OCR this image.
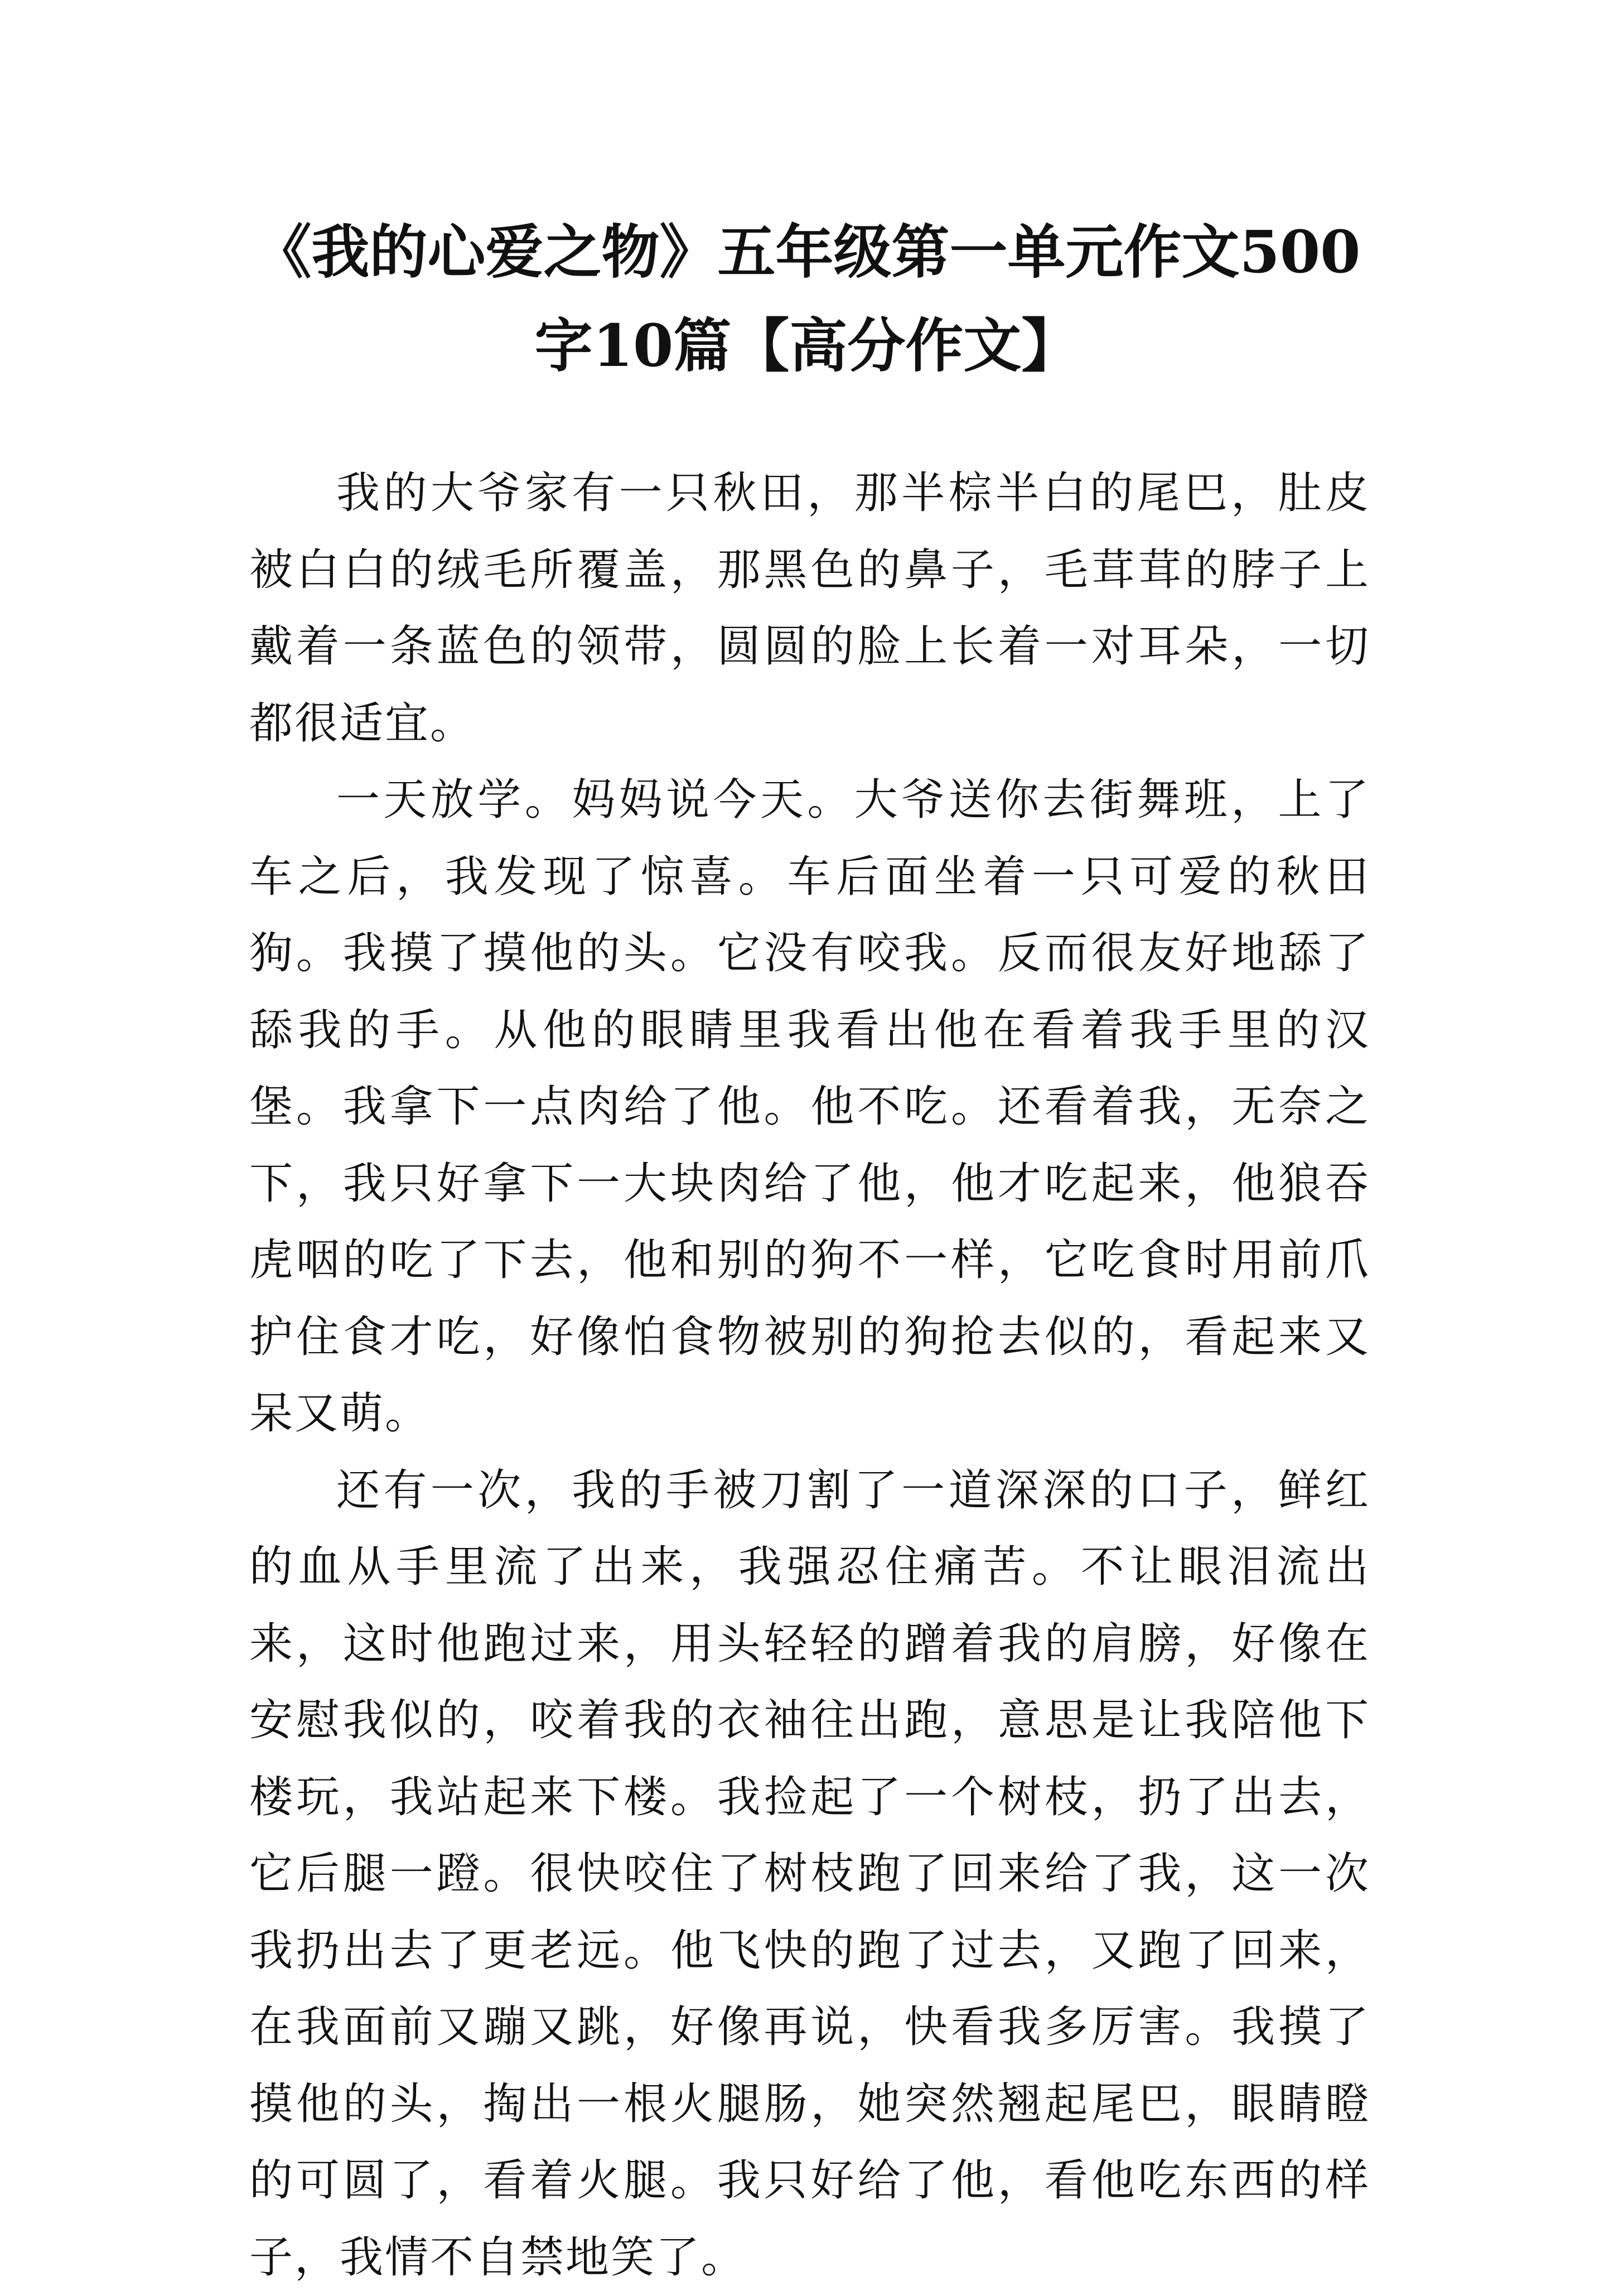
《我的心爱之物》五年级第一单元作文500
字10篇【高分作文】

我的大爷家有一只秋田，那半棕半白的尾巴，肚皮被白白的绒毛所覆盖，那黑色的鼻子，毛茸茸的脖子上戴着一条蓝色的领带，圆圆的脸上长着一对耳朵，一切都很适宜。

一天放学。妈妈说今天。大爷送你去街舞班，上了车之后，我发现了惊喜。车后面坐着一只可爱的秋田狗。我摸了摸他的头。它没有咬我。反而很友好地舔了舔我的手。从他的眼睛里我看出他在看着我手里的汉堡。我拿下一点肉给了他。他不吃。还看着我，无奈之下，我只好拿下一大块肉给了他，他才吃起来，他狼吞虎咽的吃了下去，他和别的狗不一样，它吃食时用前爪护住食才吃，好像怕食物被别的狗抢去似的，看起来又呆又萌。

还有一次，我的手被刀割了一道深深的口子，鲜红的血从手里流了出来，我强忍住痛苦。不让眼泪流出来，这时他跑过来，用头轻轻的蹭着我的肩膀，好像在安慰我似的，咬着我的衣袖往出跑，意思是让我陪他下楼玩，我站起来下楼。我捡起了一个树枝，扔了出去，它后腿一蹬。很快咬住了树枝跑了回来给了我，这一次我扔出去了更老远。他飞快的跑了过去，又跑了回来，在我面前又蹦又跳，好像再说，快看我多厉害。我摸了摸他的头，掏出一根火腿肠，她突然翘起尾巴，眼睛瞪的可圆了，看着火腿。我只好给了他，看他吃东西的样子，我情不自禁地笑了。
